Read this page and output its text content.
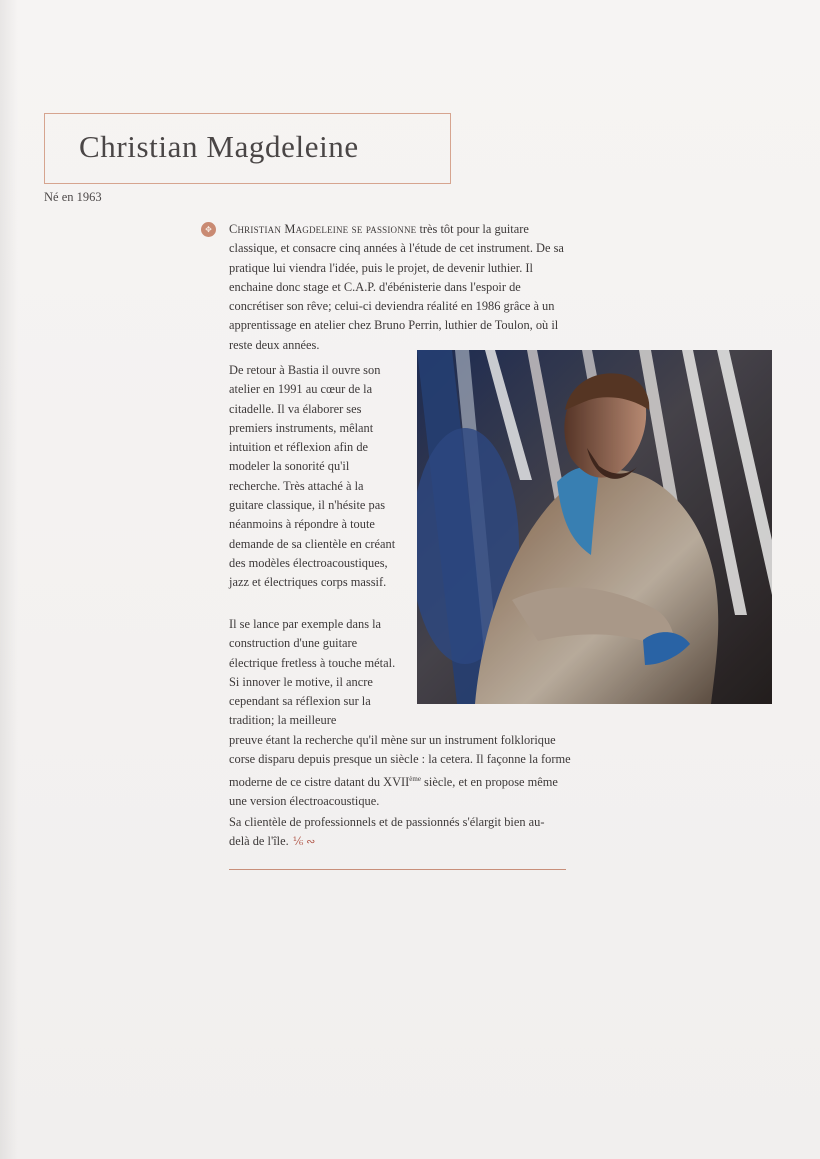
Christian Magdeleine
Né en 1963
✥	Christian Magdeleine se passionne très tôt pour la guitare classique, et consacre cinq années à l'étude de cet instrument. De sa pratique lui viendra l'idée, puis le projet, de devenir luthier. Il enchaine donc stage et C.A.P. d'ébénisterie dans l'espoir de concrétiser son rêve; celui-ci deviendra réalité en 1986 grâce à un apprentissage en atelier chez Bruno Perrin, luthier de Toulon, où il reste deux années.
De retour à Bastia il ouvre son atelier en 1991 au cœur de la citadelle. Il va élaborer ses premiers instruments, mêlant intuition et réflexion afin de modeler la sonorité qu'il recherche. Très attaché à la guitare classique, il n'hésite pas néanmoins à répondre à toute demande de sa clientèle en créant des modèles électroacoustiques, jazz et électriques corps massif.
Il se lance par exemple dans la construction d'une guitare électrique fretless à touche métal. Si innover le motive, il ancre cependant sa réflexion sur la tradition; la meilleure
preuve étant la recherche qu'il mène sur un instrument folklorique corse disparu depuis presque un siècle : la cetera. Il façonne la forme moderne de ce cistre datant du XVIIème siècle, et en propose même une version électroacoustique.
Sa clientèle de professionnels et de passionnés s'élargit bien au-delà de l'île. ⅙ ∾
